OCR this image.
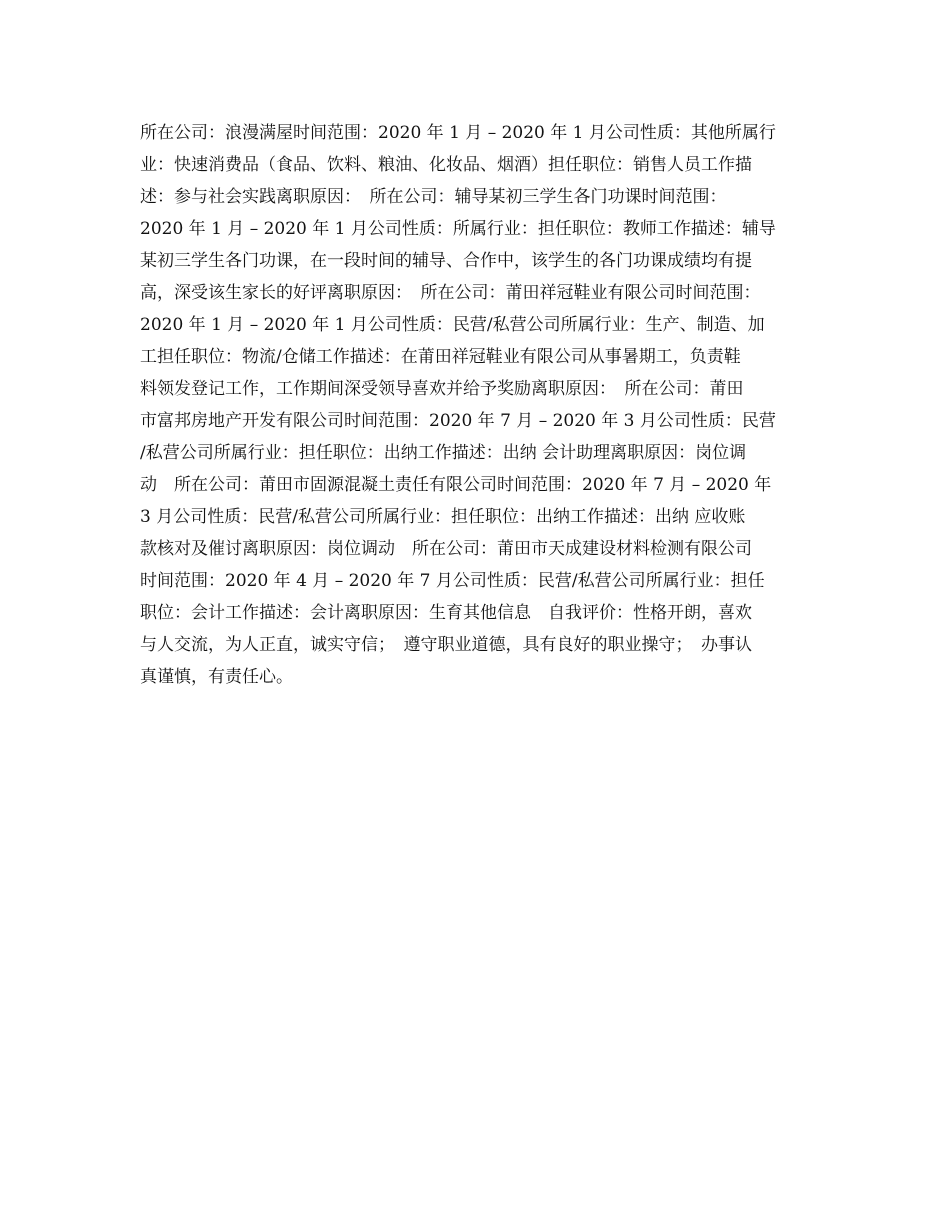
所在公司：浪漫满屋时间范围：2020 年 1 月 – 2020 年 1 月公司性质：其他所属行
业：快速消费品（食品、饮料、粮油、化妆品、烟酒）担任职位：销售人员工作描
述：参与社会实践离职原因：　所在公司：辅导某初三学生各门功课时间范围：
2020 年 1 月 – 2020 年 1 月公司性质：所属行业：担任职位：教师工作描述：辅导
某初三学生各门功课，在一段时间的辅导、合作中，该学生的各门功课成绩均有提
高，深受该生家长的好评离职原因：　所在公司：莆田祥冠鞋业有限公司时间范围：
2020 年 1 月 – 2020 年 1 月公司性质：民营/私营公司所属行业：生产、制造、加
工担任职位：物流/仓储工作描述：在莆田祥冠鞋业有限公司从事暑期工，负责鞋
料领发登记工作，工作期间深受领导喜欢并给予奖励离职原因：　所在公司：莆田
市富邦房地产开发有限公司时间范围：2020 年 7 月 – 2020 年 3 月公司性质：民营
/私营公司所属行业：担任职位：出纳工作描述：出纳 会计助理离职原因：岗位调
动　所在公司：莆田市固源混凝土责任有限公司时间范围：2020 年 7 月 – 2020 年
3 月公司性质：民营/私营公司所属行业：担任职位：出纳工作描述：出纳 应收账
款核对及催讨离职原因：岗位调动　所在公司：莆田市天成建设材料检测有限公司
时间范围：2020 年 4 月 – 2020 年 7 月公司性质：民营/私营公司所属行业：担任
职位：会计工作描述：会计离职原因：生育其他信息　自我评价：性格开朗，喜欢
与人交流，为人正直，诚实守信；　遵守职业道德，具有良好的职业操守；　办事认
真谨慎，有责任心。
